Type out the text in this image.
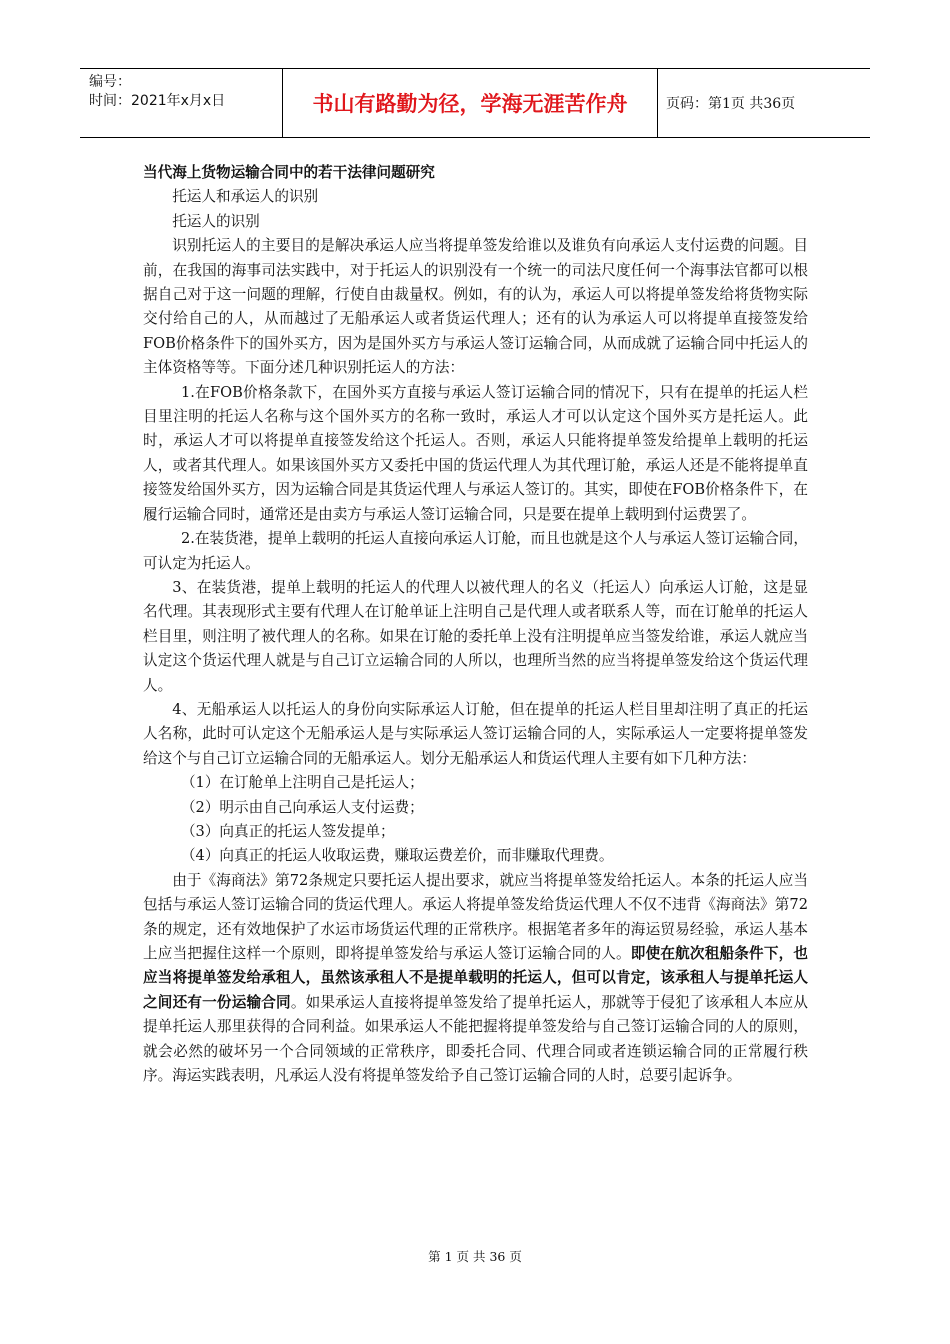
编号：
时间：2021年x月x日	书山有路勤为径，学海无涯苦作舟	页码：第1页 共36页

当代海上货物运输合同中的若干法律问题研究

托运人和承运人的识别

托运人的识别

识别托运人的主要目的是解决承运人应当将提单签发给谁以及谁负有向承运人支付运费的问题。目前，在我国的海事司法实践中，对于托运人的识别没有一个统一的司法尺度任何一个海事法官都可以根据自己对于这一问题的理解，行使自由裁量权。例如，有的认为，承运人可以将提单签发给将货物实际交付给自己的人，从而越过了无船承运人或者货运代理人；还有的认为承运人可以将提单直接签发给FOB价格条件下的国外买方，因为是国外买方与承运人签订运输合同，从而成就了运输合同中托运人的主体资格等等。下面分述几种识别托运人的方法：

1.在FOB价格条款下，在国外买方直接与承运人签订运输合同的情况下，只有在提单的托运人栏目里注明的托运人名称与这个国外买方的名称一致时，承运人才可以认定这个国外买方是托运人。此时，承运人才可以将提单直接签发给这个托运人。否则，承运人只能将提单签发给提单上载明的托运人，或者其代理人。如果该国外买方又委托中国的货运代理人为其代理订舱，承运人还是不能将提单直接签发给国外买方，因为运输合同是其货运代理人与承运人签订的。其实，即使在FOB价格条件下，在履行运输合同时，通常还是由卖方与承运人签订运输合同，只是要在提单上载明到付运费罢了。

2.在装货港，提单上载明的托运人直接向承运人订舱，而且也就是这个人与承运人签订运输合同，可认定为托运人。

3、在装货港，提单上载明的托运人的代理人以被代理人的名义（托运人）向承运人订舱，这是显名代理。其表现形式主要有代理人在订舱单证上注明自己是代理人或者联系人等，而在订舱单的托运人栏目里，则注明了被代理人的名称。如果在订舱的委托单上没有注明提单应当签发给谁，承运人就应当认定这个货运代理人就是与自己订立运输合同的人所以，也理所当然的应当将提单签发给这个货运代理人。

4、无船承运人以托运人的身份向实际承运人订舱，但在提单的托运人栏目里却注明了真正的托运人名称，此时可认定这个无船承运人是与实际承运人签订运输合同的人，实际承运人一定要将提单签发给这个与自己订立运输合同的无船承运人。划分无船承运人和货运代理人主要有如下几种方法：

（1）在订舱单上注明自己是托运人；

（2）明示由自己向承运人支付运费；

（3）向真正的托运人签发提单；

（4）向真正的托运人收取运费，赚取运费差价，而非赚取代理费。

由于《海商法》第72条规定只要托运人提出要求，就应当将提单签发给托运人。本条的托运人应当包括与承运人签订运输合同的货运代理人。承运人将提单签发给货运代理人不仅不违背《海商法》第72条的规定，还有效地保护了水运市场货运代理的正常秩序。根据笔者多年的海运贸易经验，承运人基本上应当把握住这样一个原则，即将提单签发给与承运人签订运输合同的人。即使在航次租船条件下，也应当将提单签发给承租人，虽然该承租人不是提单载明的托运人，但可以肯定，该承租人与提单托运人之间还有一份运输合同。如果承运人直接将提单签发给了提单托运人，那就等于侵犯了该承租人本应从提单托运人那里获得的合同利益。如果承运人不能把握将提单签发给与自己签订运输合同的人的原则，就会必然的破坏另一个合同领域的正常秩序，即委托合同、代理合同或者连锁运输合同的正常履行秩序。海运实践表明，凡承运人没有将提单签发给予自己签订运输合同的人时，总要引起诉争。

第 1 页 共 36 页
